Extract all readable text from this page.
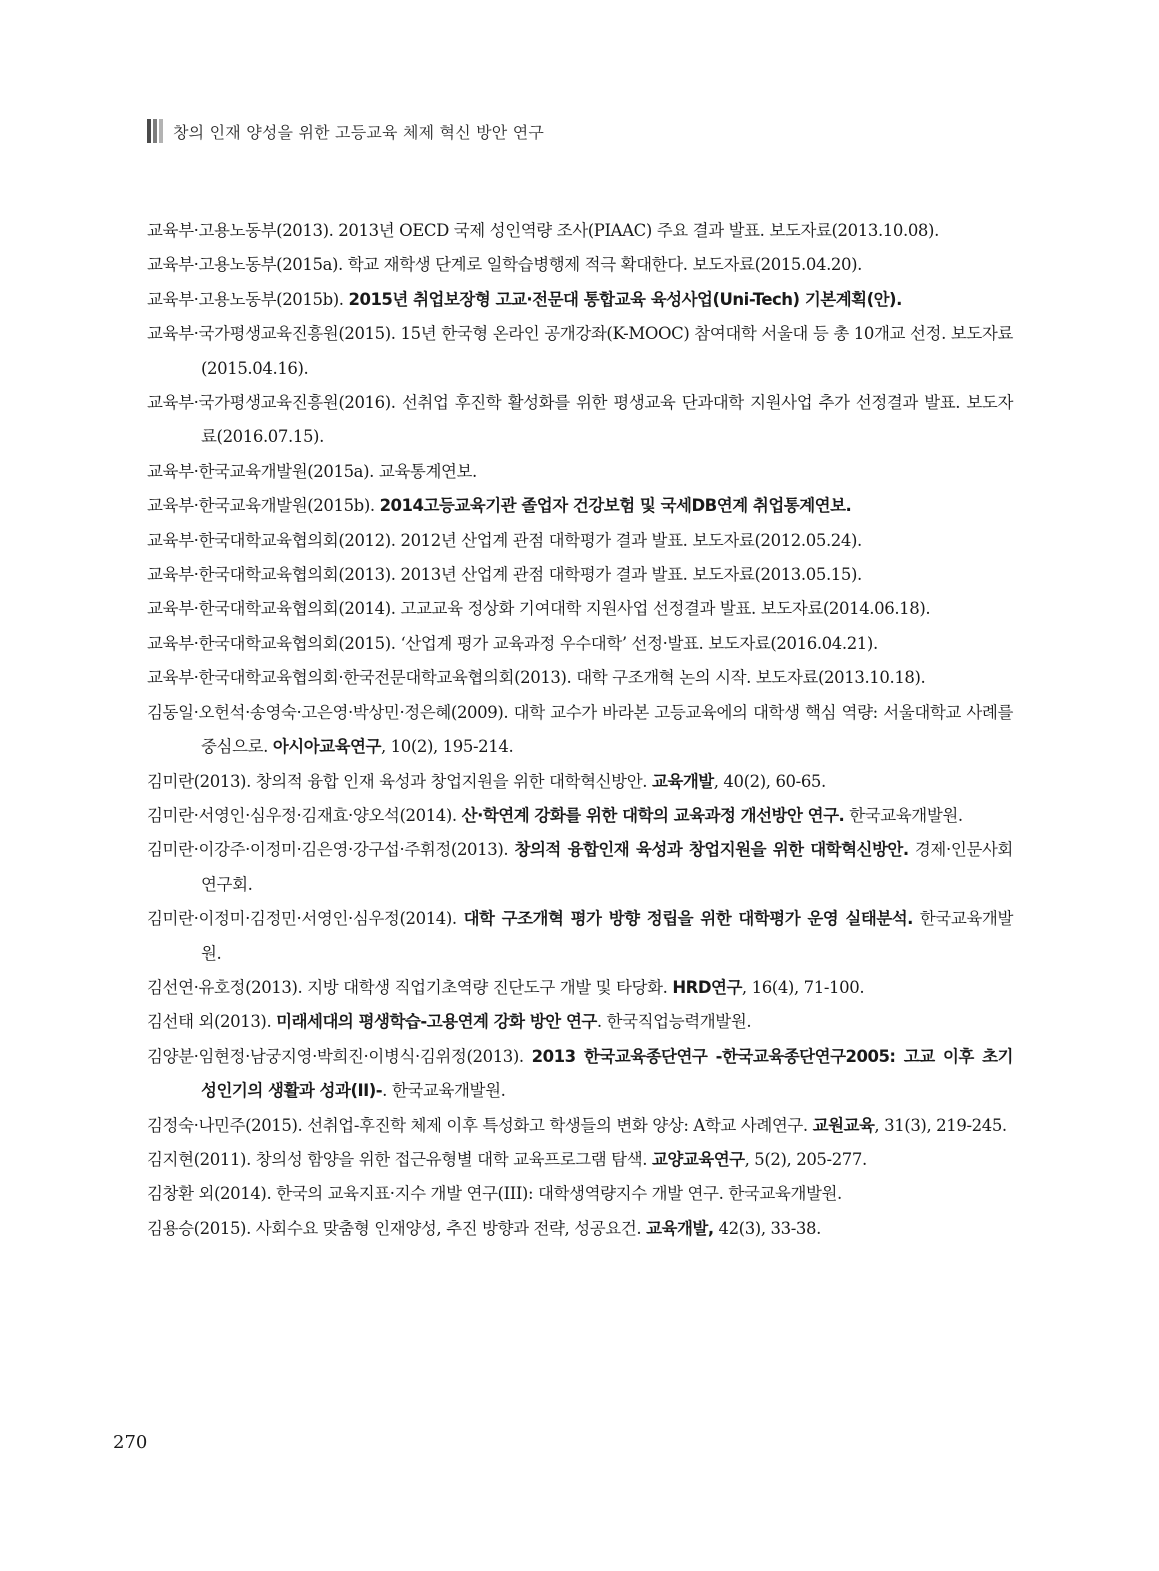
창의 인재 양성을 위한 고등교육 체제 혁신 방안 연구
교육부·고용노동부(2013). 2013년 OECD 국제 성인역량 조사(PIAAC) 주요 결과 발표. 보도자료(2013.10.08).
교육부·고용노동부(2015a). 학교 재학생 단계로 일학습병행제 적극 확대한다. 보도자료(2015.04.20).
교육부·고용노동부(2015b). 2015년 취업보장형 고교·전문대 통합교육 육성사업(Uni-Tech) 기본계획(안).
교육부·국가평생교육진흥원(2015). 15년 한국형 온라인 공개강좌(K-MOOC) 참여대학 서울대 등 총 10개교 선정. 보도자료(2015.04.16).
교육부·국가평생교육진흥원(2016). 선취업 후진학 활성화를 위한 평생교육 단과대학 지원사업 추가 선정결과 발표. 보도자료(2016.07.15).
교육부·한국교육개발원(2015a). 교육통계연보.
교육부·한국교육개발원(2015b). 2014고등교육기관 졸업자 건강보험 및 국세DB연계 취업통계연보.
교육부·한국대학교육협의회(2012). 2012년 산업계 관점 대학평가 결과 발표. 보도자료(2012.05.24).
교육부·한국대학교육협의회(2013). 2013년 산업계 관점 대학평가 결과 발표. 보도자료(2013.05.15).
교육부·한국대학교육협의회(2014). 고교교육 정상화 기여대학 지원사업 선정결과 발표. 보도자료(2014.06.18).
교육부·한국대학교육협의회(2015). ‘산업계 평가 교육과정 우수대학’ 선정·발표. 보도자료(2016.04.21).
교육부·한국대학교육협의회·한국전문대학교육협의회(2013). 대학 구조개혁 논의 시작. 보도자료(2013.10.18).
김동일·오헌석·송영숙·고은영·박상민·정은혜(2009). 대학 교수가 바라본 고등교육에의 대학생 핵심 역량: 서울대학교 사례를 중심으로. 아시아교육연구, 10(2), 195-214.
김미란(2013). 창의적 융합 인재 육성과 창업지원을 위한 대학혁신방안. 교육개발, 40(2), 60-65.
김미란·서영인·심우정·김재효·양오석(2014). 산·학연계 강화를 위한 대학의 교육과정 개선방안 연구. 한국교육개발원.
김미란·이강주·이정미·김은영·강구섭·주휘정(2013). 창의적 융합인재 육성과 창업지원을 위한 대학혁신방안. 경제·인문사회연구회.
김미란·이정미·김정민·서영인·심우정(2014). 대학 구조개혁 평가 방향 정립을 위한 대학평가 운영 실태분석. 한국교육개발원.
김선연·유호정(2013). 지방 대학생 직업기초역량 진단도구 개발 및 타당화. HRD연구, 16(4), 71-100.
김선태 외(2013). 미래세대의 평생학습-고용연계 강화 방안 연구. 한국직업능력개발원.
김양분·임현정·남궁지영·박희진·이병식·김위정(2013). 2013 한국교육종단연구 -한국교육종단연구2005: 고교 이후 초기 성인기의 생활과 성과(II)-. 한국교육개발원.
김정숙·나민주(2015). 선취업-후진학 체제 이후 특성화고 학생들의 변화 양상: A학교 사례연구. 교원교육, 31(3), 219-245.
김지현(2011). 창의성 함양을 위한 접근유형별 대학 교육프로그램 탐색. 교양교육연구, 5(2), 205-277.
김창환 외(2014). 한국의 교육지표·지수 개발 연구(III): 대학생역량지수 개발 연구. 한국교육개발원.
김용승(2015). 사회수요 맞춤형 인재양성, 추진 방향과 전략, 성공요건. 교육개발, 42(3), 33-38.
270
